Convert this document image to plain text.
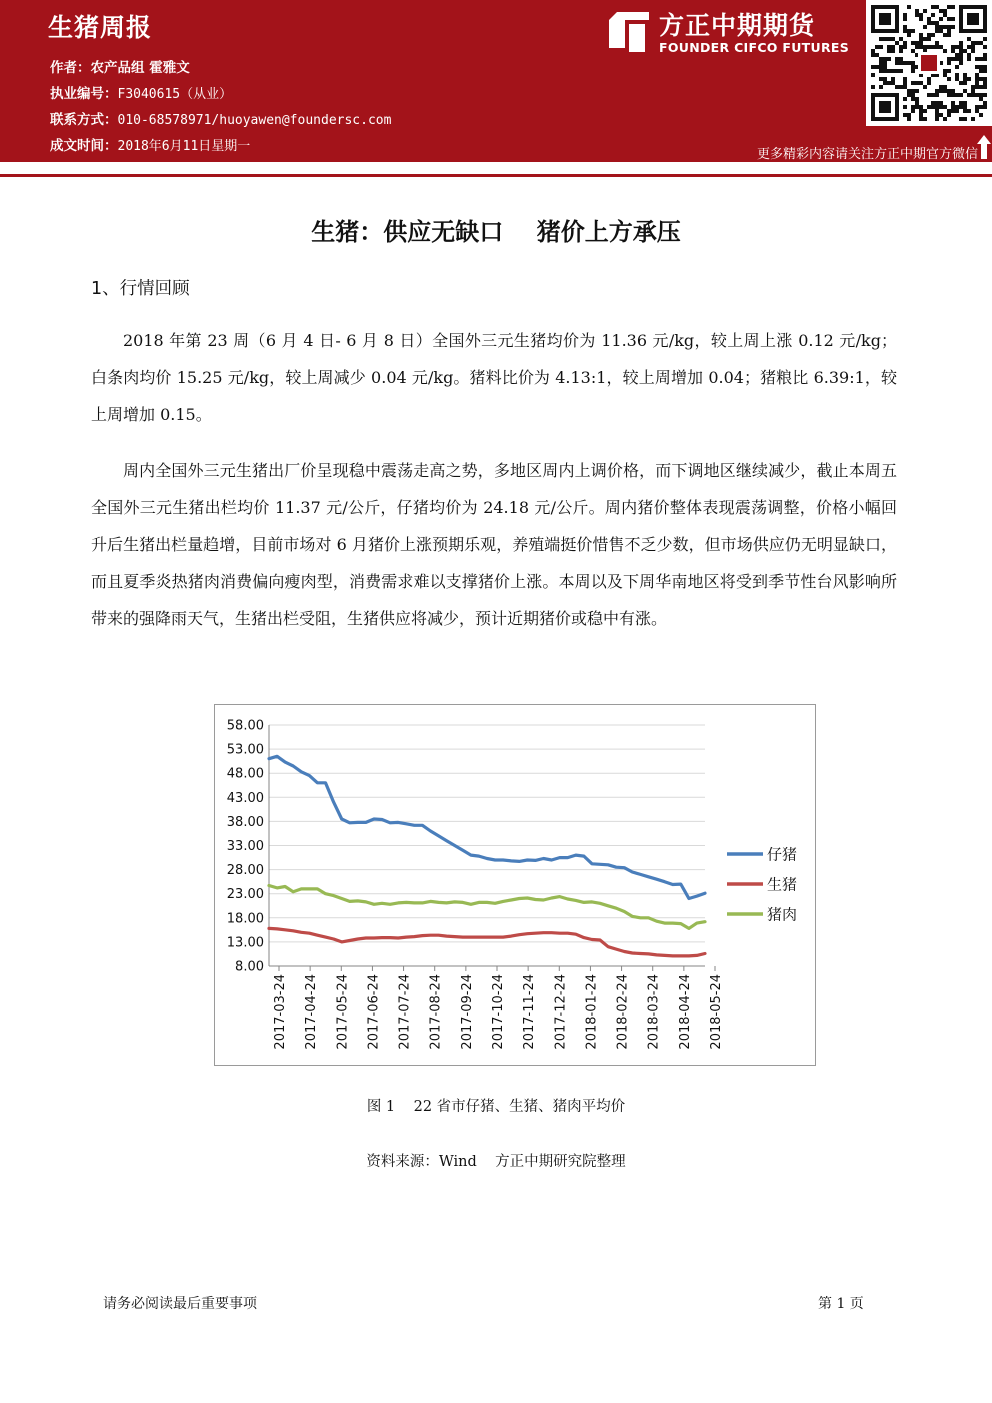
生猪周报
作者：农产品组 霍雅文
执业编号：F3040615（从业）
联系方式：010-68578971/huoyawen@foundersc.com
成文时间：2018年6月11日星期一
方正中期期货
FOUNDER CIFCO FUTURES
更多精彩内容请关注方正中期官方微信
生猪：供应无缺口    猪价上方承压
1、行情回顾
2018 年第 23 周（6 月 4 日- 6 月 8 日）全国外三元生猪均价为 11.36 元/kg，较上周上涨 0.12 元/kg；白条肉均价 15.25 元/kg，较上周减少 0.04 元/kg。猪料比价为 4.13:1，较上周增加 0.04；猪粮比 6.39:1，较上周增加 0.15。
周内全国外三元生猪出厂价呈现稳中震荡走高之势，多地区周内上调价格，而下调地区继续减少，截止本周五全国外三元生猪出栏均价 11.37 元/公斤，仔猪均价为 24.18 元/公斤。周内猪价整体表现震荡调整，价格小幅回升后生猪出栏量趋增，目前市场对 6 月猪价上涨预期乐观，养殖端挺价惜售不乏少数，但市场供应仍无明显缺口，而且夏季炎热猪肉消费偏向瘦肉型，消费需求难以支撑猪价上涨。本周以及下周华南地区将受到季节性台风影响所带来的强降雨天气，生猪出栏受阻，生猪供应将减少，预计近期猪价或稳中有涨。
58.00
53.00
48.00
43.00
38.00
33.00
28.00
23.00
18.00
13.00
8.00
2017-03-24 2017-04-24 2017-05-24 2017-06-24 2017-07-24 2017-08-24 2017-09-24 2017-10-24 2017-11-24 2017-12-24 2018-01-24 2018-02-24 2018-03-24 2018-04-24 2018-05-24
仔猪
生猪
猪肉
图 1    22 省市仔猪、生猪、猪肉平均价
资料来源：Wind    方正中期研究院整理
请务必阅读最后重要事项	第 1 页
